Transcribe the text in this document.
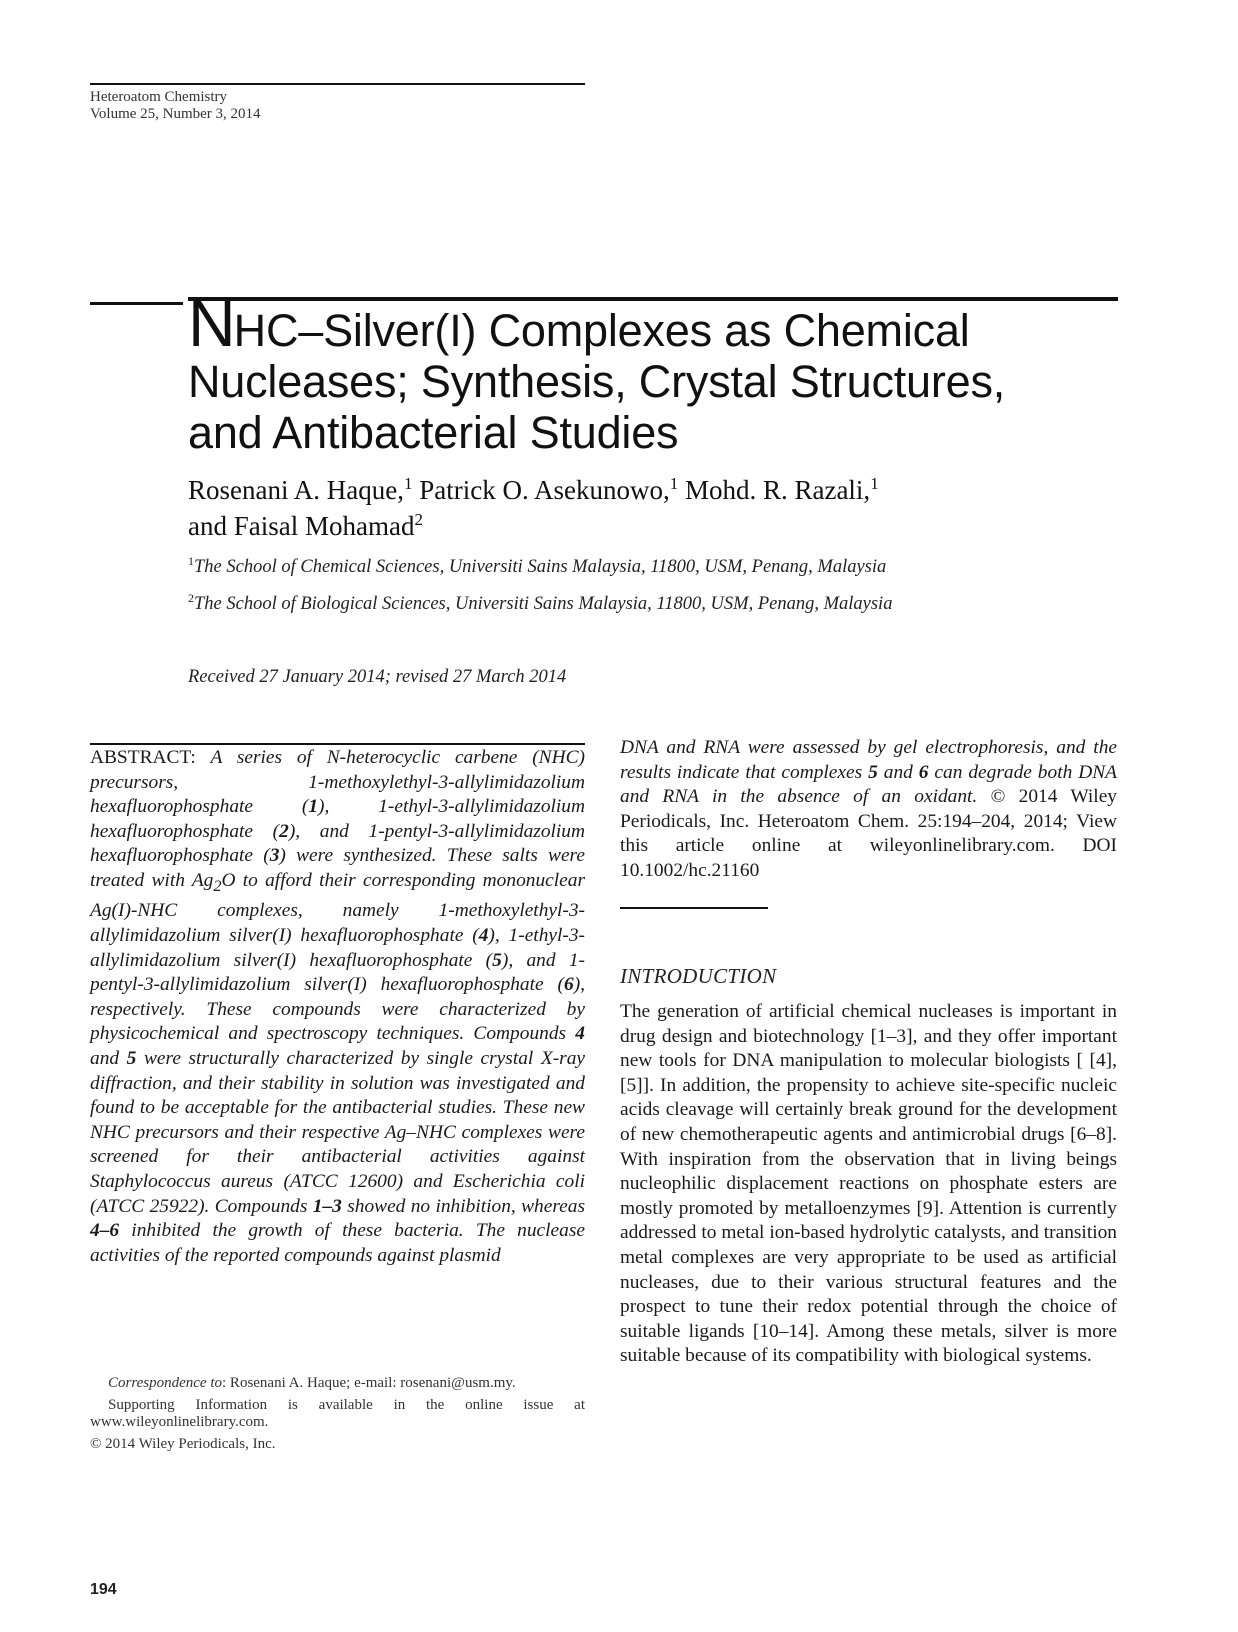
Heteroatom Chemistry
Volume 25, Number 3, 2014
NHC–Silver(I) Complexes as Chemical
Nucleases; Synthesis, Crystal Structures,
and Antibacterial Studies
Rosenani A. Haque,$^1$ Patrick O. Asekunowo,$^1$ Mohd. R. Razali,$^1$
and Faisal Mohamad$^2$
$^1$The School of Chemical Sciences, Universiti Sains Malaysia, 11800, USM, Penang, Malaysia
$^2$The School of Biological Sciences, Universiti Sains Malaysia, 11800, USM, Penang, Malaysia
Received 27 January 2014; revised 27 March 2014

ABSTRACT: A series of N-heterocyclic carbene (NHC) precursors, 1-methoxylethyl-3-allylimidazolium hexafluorophosphate (1), 1-ethyl-3-allylimidazolium hexafluorophosphate (2), and 1-pentyl-3-allylimidazolium hexafluorophosphate (3) were synthesized. These salts were treated with $Ag_2O$ to afford their corresponding mononuclear Ag(I)-NHC complexes, namely 1-methoxylethyl-3-allylimidazolium silver(I) hexafluorophosphate (4), 1-ethyl-3-allylimidazolium silver(I) hexafluorophosphate (5), and 1-pentyl-3-allylimidazolium silver(I) hexafluorophosphate (6), respectively. These compounds were characterized by physicochemical and spectroscopy techniques. Compounds 4 and 5 were structurally characterized by single crystal X-ray diffraction, and their stability in solution was investigated and found to be acceptable for the antibacterial studies. These new NHC precursors and their respective Ag–NHC complexes were screened for their antibacterial activities against Staphylococcus aureus (ATCC 12600) and Escherichia coli (ATCC 25922). Compounds 1–3 showed no inhibition, whereas 4–6 inhibited the growth of these bacteria. The nuclease activities of the reported compounds against plasmid

DNA and RNA were assessed by gel electrophoresis, and the results indicate that complexes 5 and 6 can degrade both DNA and RNA in the absence of an oxidant. © 2014 Wiley Periodicals, Inc. Heteroatom Chem. 25:194–204, 2014; View this article online at wileyonlinelibrary.com. DOI 10.1002/hc.21160

INTRODUCTION

The generation of artificial chemical nucleases is important in drug design and biotechnology [1–3], and they offer important new tools for DNA manipulation to molecular biologists [ [4], [5]]. In addition, the propensity to achieve site-specific nucleic acids cleavage will certainly break ground for the development of new chemotherapeutic agents and antimicrobial drugs [6–8]. With inspiration from the observation that in living beings nucleophilic displacement reactions on phosphate esters are mostly promoted by metalloenzymes [9]. Attention is currently addressed to metal ion-based hydrolytic catalysts, and transition metal complexes are very appropriate to be used as artificial nucleases, due to their various structural features and the prospect to tune their redox potential through the choice of suitable ligands [10–14]. Among these metals, silver is more suitable because of its compatibility with biological systems.

Correspondence to: Rosenani A. Haque; e-mail: rosenani@usm.my.

Supporting Information is available in the online issue at www.wileyonlinelibrary.com.

© 2014 Wiley Periodicals, Inc.

194
